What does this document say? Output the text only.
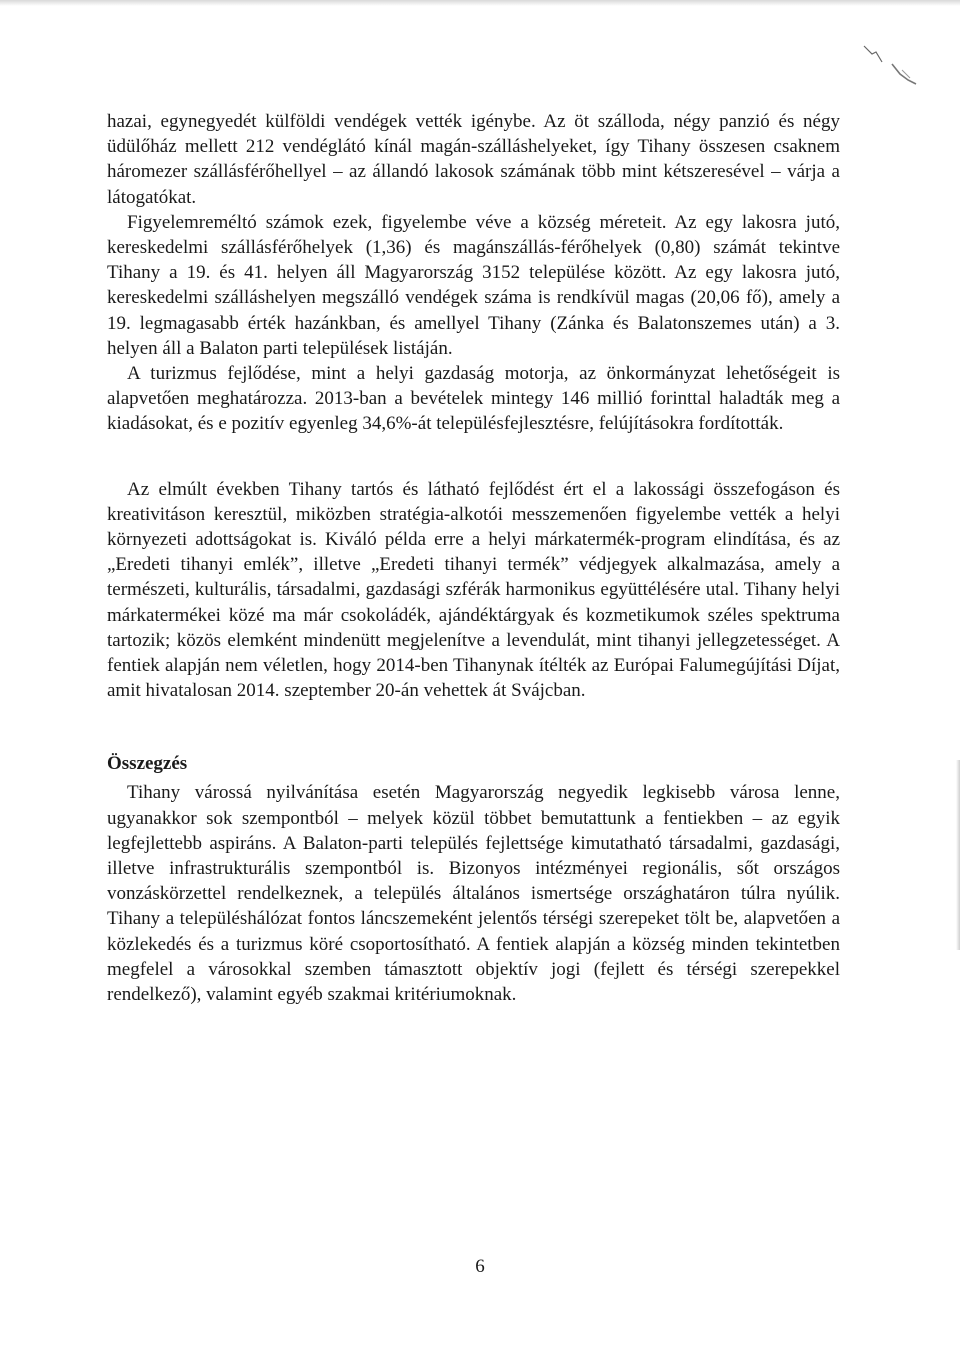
hazai, egynegyedét külföldi vendégek vették igénybe. Az öt szálloda, négy panzió és négy üdülőház mellett 212 vendéglátó kínál magán-szálláshelyeket, így Tihany összesen csaknem háromezer szállásférőhellyel – az állandó lakosok számának több mint kétszeresével – várja a látogatókat.

Figyelemreméltó számok ezek, figyelembe véve a község méreteit. Az egy lakosra jutó, kereskedelmi szállásférőhelyek (1,36) és magánszállás-férőhelyek (0,80) számát tekintve Tihany a 19. és 41. helyen áll Magyarország 3152 települése között. Az egy lakosra jutó, kereskedelmi szálláshelyen megszálló vendégek száma is rendkívül magas (20,06 fő), amely a 19. legmagasabb érték hazánkban, és amellyel Tihany (Zánka és Balatonszemes után) a 3. helyen áll a Balaton parti települések listáján.

A turizmus fejlődése, mint a helyi gazdaság motorja, az önkormányzat lehetőségeit is alapvetően meghatározza. 2013-ban a bevételek mintegy 146 millió forinttal haladták meg a kiadásokat, és e pozitív egyenleg 34,6%-át településfejlesztésre, felújításokra fordították.

Az elmúlt években Tihany tartós és látható fejlődést ért el a lakossági összefogáson és kreativitáson keresztül, miközben stratégia-alkotói messzemenően figyelembe vették a helyi környezeti adottságokat is. Kiváló példa erre a helyi márkatermék-program elindítása, és az „Eredeti tihanyi emlék”, illetve „Eredeti tihanyi termék” védjegyek alkalmazása, amely a természeti, kulturális, társadalmi, gazdasági szférák harmonikus együttélésére utal. Tihany helyi márkatermékei közé ma már csokoládék, ajándéktárgyak és kozmetikumok széles spektruma tartozik; közös elemként mindenütt megjelenítve a levendulát, mint tihanyi jellegzetességet. A fentiek alapján nem véletlen, hogy 2014-ben Tihanynak ítélték az Európai Falumegújítási Díjat, amit hivatalosan 2014. szeptember 20-án vehettek át Svájcban.

Összegzés

Tihany várossá nyilvánítása esetén Magyarország negyedik legkisebb városa lenne, ugyanakkor sok szempontból – melyek közül többet bemutattunk a fentiekben – az egyik legfejlettebb aspiráns. A Balaton-parti település fejlettsége kimutatható társadalmi, gazdasági, illetve infrastrukturális szempontból is. Bizonyos intézményei regionális, sőt országos vonzáskörzettel rendelkeznek, a település általános ismertsége országhatáron túlra nyúlik. Tihany a településhálózat fontos láncszemeként jelentős térségi szerepeket tölt be, alapvetően a közlekedés és a turizmus köré csoportosítható. A fentiek alapján a község minden tekintetben megfelel a városokkal szemben támasztott objektív jogi (fejlett és térségi szerepekkel rendelkező), valamint egyéb szakmai kritériumoknak.

6
